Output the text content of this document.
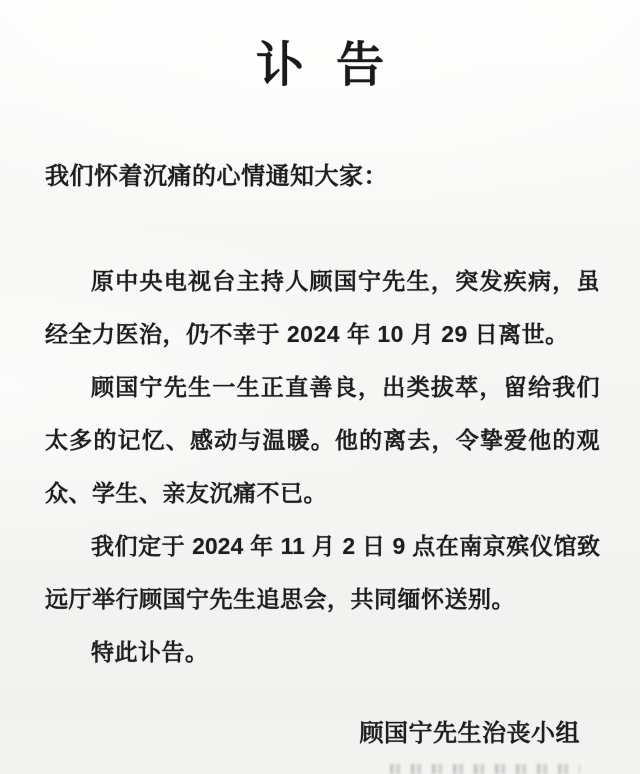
讣告

我们怀着沉痛的心情通知大家：

原中央电视台主持人顾国宁先生，突发疾病，虽
经全力医治，仍不幸于 2024 年 10 月 29 日离世。
顾国宁先生一生正直善良，出类拔萃，留给我们
太多的记忆、感动与温暖。他的离去，令挚爱他的观
众、学生、亲友沉痛不已。
我们定于 2024 年 11 月 2 日 9 点在南京殡仪馆致
远厅举行顾国宁先生追思会，共同缅怀送别。
特此讣告。

顾国宁先生治丧小组
